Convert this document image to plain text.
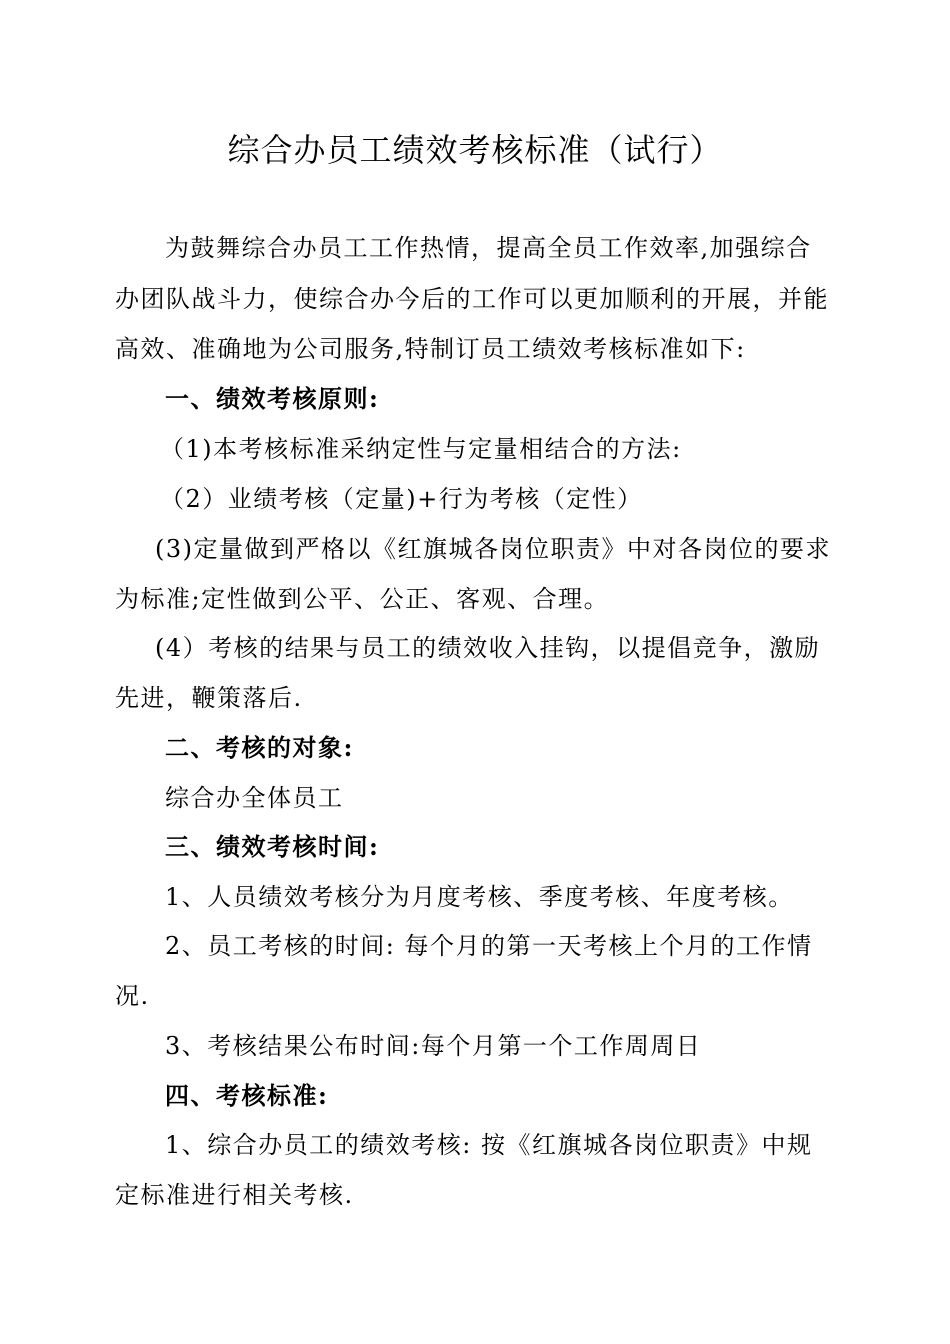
综合办员工绩效考核标准（试行）
为鼓舞综合办员工工作热情，提高全员工作效率,加强综合
办团队战斗力，使综合办今后的工作可以更加顺利的开展，并能
高效、准确地为公司服务,特制订员工绩效考核标准如下:
一、绩效考核原则:
（1)本考核标准采纳定性与定量相结合的方法:
（2）业绩考核（定量)+行为考核（定性）
(3)定量做到严格以《红旗城各岗位职责》中对各岗位的要求
为标准;定性做到公平、公正、客观、合理。
(4）考核的结果与员工的绩效收入挂钩，以提倡竞争，激励
先进，鞭策落后.
二、考核的对象:
综合办全体员工
三、绩效考核时间:
1、人员绩效考核分为月度考核、季度考核、年度考核。
2、员工考核的时间: 每个月的第一天考核上个月的工作情
况.
3、考核结果公布时间:每个月第一个工作周周日
四、考核标准:
1、综合办员工的绩效考核: 按《红旗城各岗位职责》中规
定标准进行相关考核.
